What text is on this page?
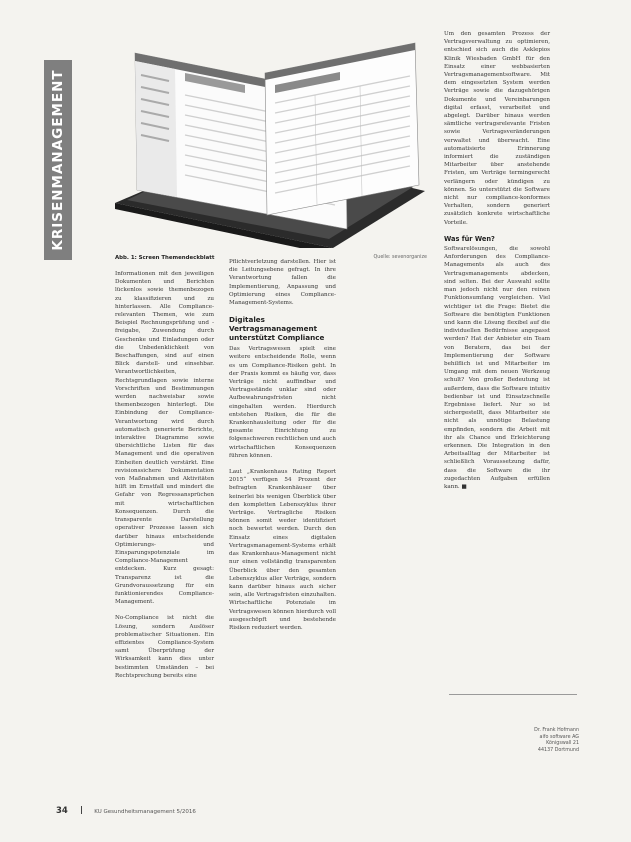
KRISENMANAGEMENT
Abb. 1: Screen Themendeckblatt	Quelle: sevenorganize

Informationen mit den jeweiligen Dokumenten und Berichten lückenlos sowie themenbezogen zu klassifizieren und zu hinterlassen. Alle Compliance-relevanten Themen, wie zum Beispiel Rechnungsprüfung und -freigabe, Zuwendung durch Geschenke und Einladungen oder die Unbedenklichkeit von Beschaffungen, sind auf einen Blick darstell- und einsehbar. Verantwortlichkeiten, Rechtsgrundlagen sowie interne Vorschriften und Bestimmungen werden nachweisbar sowie themenbezogen hinterlegt. Die Einbindung der Compliance-Verantwortung wird durch automatisch generierte Berichte, interaktive Diagramme sowie übersichtliche Listen für das Management und die operativen Einheiten deutlich verstärkt. Eine revisionssichere Dokumentation von Maßnahmen und Aktivitäten hilft im Ernstfall und mindert die Gefahr von Regressansprüchen mit wirtschaftlichen Konsequenzen. Durch die transparente Darstellung operativer Prozesse lassen sich darüber hinaus entscheidende Optimierungs- und Einsparungspotenziale im Compliance-Management entdecken. Kurz gesagt: Transparenz ist die Grundvoraussetzung für ein funktionierendes Compliance-Management.

No-Compliance ist nicht die Lösung, sondern Auslöser problematischer Situationen. Ein effizientes Compliance-System samt Überprüfung der Wirksamkeit kann dies unter bestimmten Umständen – bei Rechtsprechung bereits eine

Pflichtverletzung darstellen. Hier ist die Leitungsebene gefragt. In ihre Verantwortung fallen die Implementierung, Anpassung und Optimierung eines Compliance-Management-Systems.

Digitales Vertragsmanagement unterstützt Compliance

Das Vertragswesen spielt eine weitere entscheidende Rolle, wenn es um Compliance-Risiken geht. In der Praxis kommt es häufig vor, dass Verträge nicht auffindbar und Vertragsstände unklar sind oder Aufbewahrungsfristen nicht eingehalten werden. Hierdurch entstehen Risiken, die für die Krankenhausleitung oder für die gesamte Einrichtung zu folgenschweren rechtlichen und auch wirtschaftlichen Konsequenzen führen können.

Laut „Krankenhaus Rating Report 2015“ verfügen 54 Prozent der befragten Krankenhäuser über keinerlei bis wenigen Überblick über den kompletten Lebenszyklus ihrer Verträge. Vertragliche Risiken können somit weder identifiziert noch bewertet werden. Durch den Einsatz eines digitalen Vertragsmanagement-Systems erhält das Krankenhaus-Management nicht nur einen vollständig transparenten Überblick über den gesamten Lebenszyklus aller Verträge, sondern kann darüber hinaus auch sicher sein, alle Vertragsfristen einzuhalten. Wirtschaftliche Potenziale im Vertragswesen können hierdurch voll ausgeschöpft und bestehende Risiken reduziert werden.

Um den gesamten Prozess der Vertragsverwaltung zu optimieren, entschied sich auch die Asklepios Klinik Wiesbaden GmbH für den Einsatz einer webbasierten Vertragsmanagementsoftware. Mit dem eingesetzten System werden Verträge sowie die dazugehörigen Dokumente und Vereinbarungen digital erfasst, verarbeitet und abgelegt. Darüber hinaus werden sämtliche vertragsrelevante Fristen sowie Vertragsveränderungen verwaltet und überwacht. Eine automatisierte Erinnerung informiert die zuständigen Mitarbeiter über anstehende Fristen, um Verträge termingerecht verlängern oder kündigen zu können. So unterstützt die Software nicht nur compliance-konformes Verhalten, sondern generiert zusätzlich konkrete wirtschaftliche Vorteile.

Was für Wen?

Softwarelösungen, die sowohl Anforderungen des Compliance-Managements als auch des Vertragsmanagements abdecken, sind selten. Bei der Auswahl sollte man jedoch nicht nur den reinen Funktionsumfang vergleichen. Viel wichtiger ist die Frage: Bietet die Software die benötigten Funktionen und kann die Lösung flexibel auf die individuellen Bedürfnisse angepasst werden? Hat der Anbieter ein Team von Beratern, das bei der Implementierung der Software behilflich ist und Mitarbeiter im Umgang mit dem neuen Werkzeug schult? Von großer Bedeutung ist außerdem, dass die Software intuitiv bedienbar ist und Einsatzschnelle Ergebnisse liefert. Nur so ist sichergestellt, dass Mitarbeiter sie nicht als unnötige Belastung empfinden, sondern die Arbeit mit ihr als Chance und Erleichterung erkennen. Die Integration in den Arbeitsalltag der Mitarbeiter ist schließlich Voraussetzung dafür, dass die Software die ihr zugedachten Aufgaben erfüllen kann. ■

Dr. Frank Hofmann
aifo software AG
Königswall 21
44137 Dortmund
34	KU Gesundheitsmanagement 5/2016
